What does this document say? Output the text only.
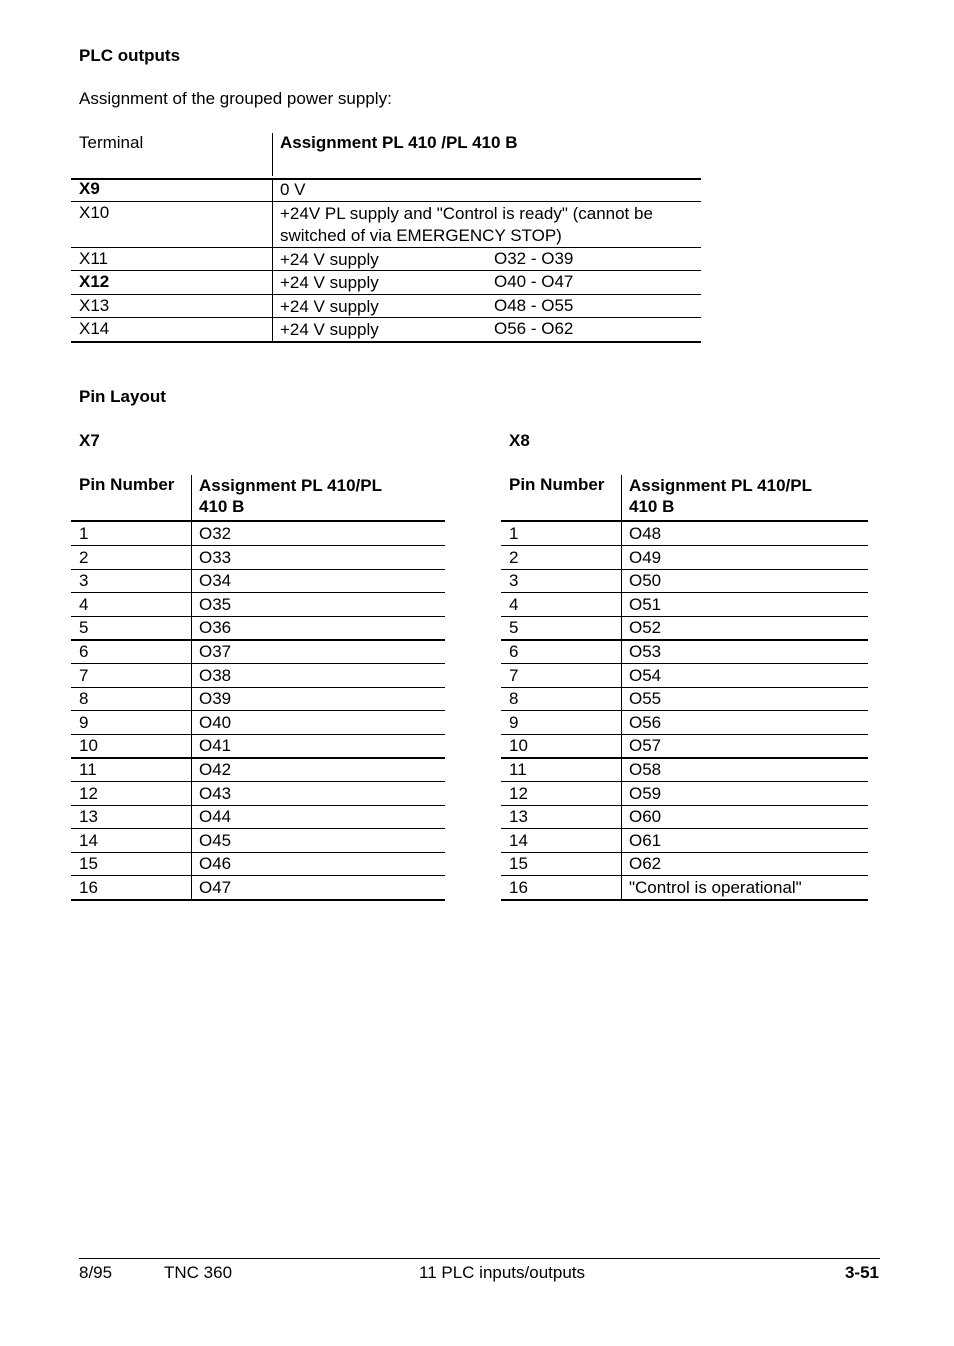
PLC outputs
Assignment of the grouped power supply:
Terminal	Assignment PL 410 /PL 410 B
X9	0 V
X10	+24V PL supply and "Control is ready" (cannot be switched of via EMERGENCY STOP)
X11	+24 V supply	O32 - O39
X12	+24 V supply	O40 - O47
X13	+24 V supply	O48 - O55
X14	+24 V supply	O56 - O62
Pin Layout
X7	X8
Pin Number	Assignment PL 410/PL 410 B
1	O32
2	O33
3	O34
4	O35
5	O36
6	O37
7	O38
8	O39
9	O40
10	O41
11	O42
12	O43
13	O44
14	O45
15	O46
16	O47
Pin Number	Assignment PL 410/PL 410 B
1	O48
2	O49
3	O50
4	O51
5	O52
6	O53
7	O54
8	O55
9	O56
10	O57
11	O58
12	O59
13	O60
14	O61
15	O62
16	"Control is operational"
8/95	TNC 360	11 PLC inputs/outputs	3-51
